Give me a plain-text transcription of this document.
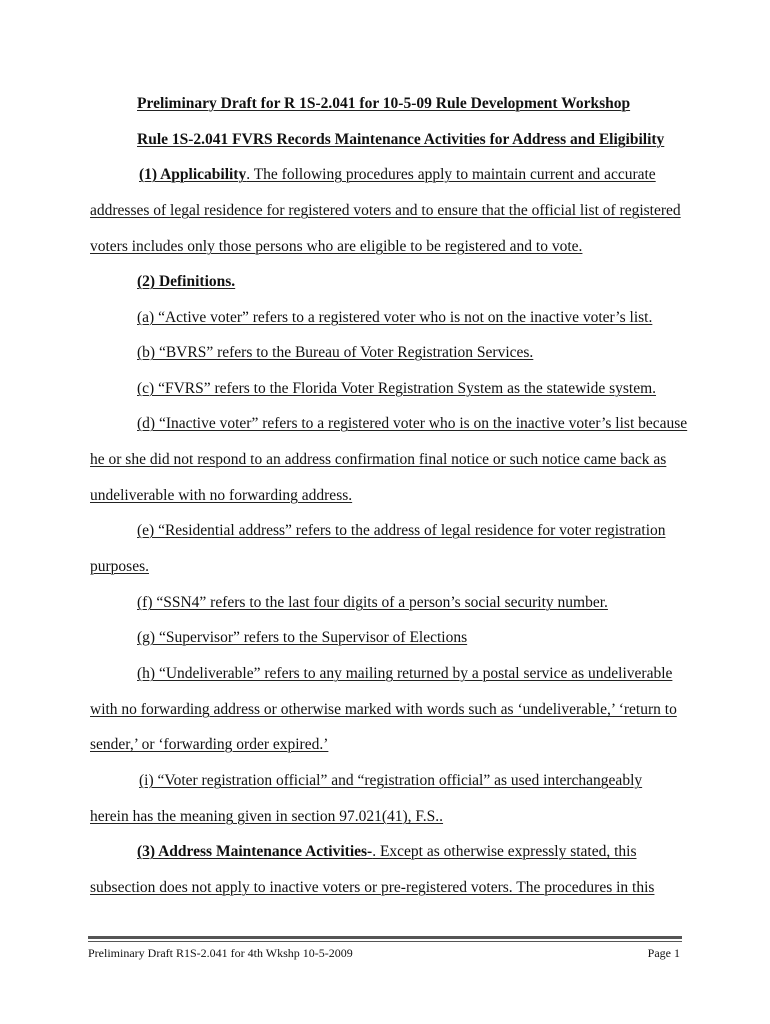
Preliminary Draft for R 1S-2.041 for 10-5-09 Rule Development Workshop
Rule 1S-2.041 FVRS Records Maintenance Activities for Address and Eligibility
(1) Applicability. The following procedures apply to maintain current and accurate
addresses of legal residence for registered voters and to ensure that the official list of registered
voters includes only those persons who are eligible to be registered and to vote.
(2) Definitions.
(a) “Active voter” refers to a registered voter who is not on the inactive voter’s list.
(b) “BVRS” refers to the Bureau of Voter Registration Services.
(c) “FVRS” refers to the Florida Voter Registration System as the statewide system.
(d) “Inactive voter” refers to a registered voter who is on the inactive voter’s list because
he or she did not respond to an address confirmation final notice or such notice came back as
undeliverable with no forwarding address.
(e) “Residential address” refers to the address of legal residence for voter registration
purposes.
(f) “SSN4” refers to the last four digits of a person’s social security number.
(g) “Supervisor” refers to the Supervisor of Elections
(h) “Undeliverable” refers to any mailing returned by a postal service as undeliverable
with no forwarding address or otherwise marked with words such as ‘undeliverable,’ ‘return to
sender,’ or ‘forwarding order expired.’
(i) “Voter registration official” and “registration official” as used interchangeably
herein has the meaning given in section 97.021(41), F.S..
(3) Address Maintenance Activities-. Except as otherwise expressly stated, this
subsection does not apply to inactive voters or pre-registered voters. The procedures in this
Preliminary Draft R1S-2.041 for 4th Wkshp 10-5-2009	Page 1
